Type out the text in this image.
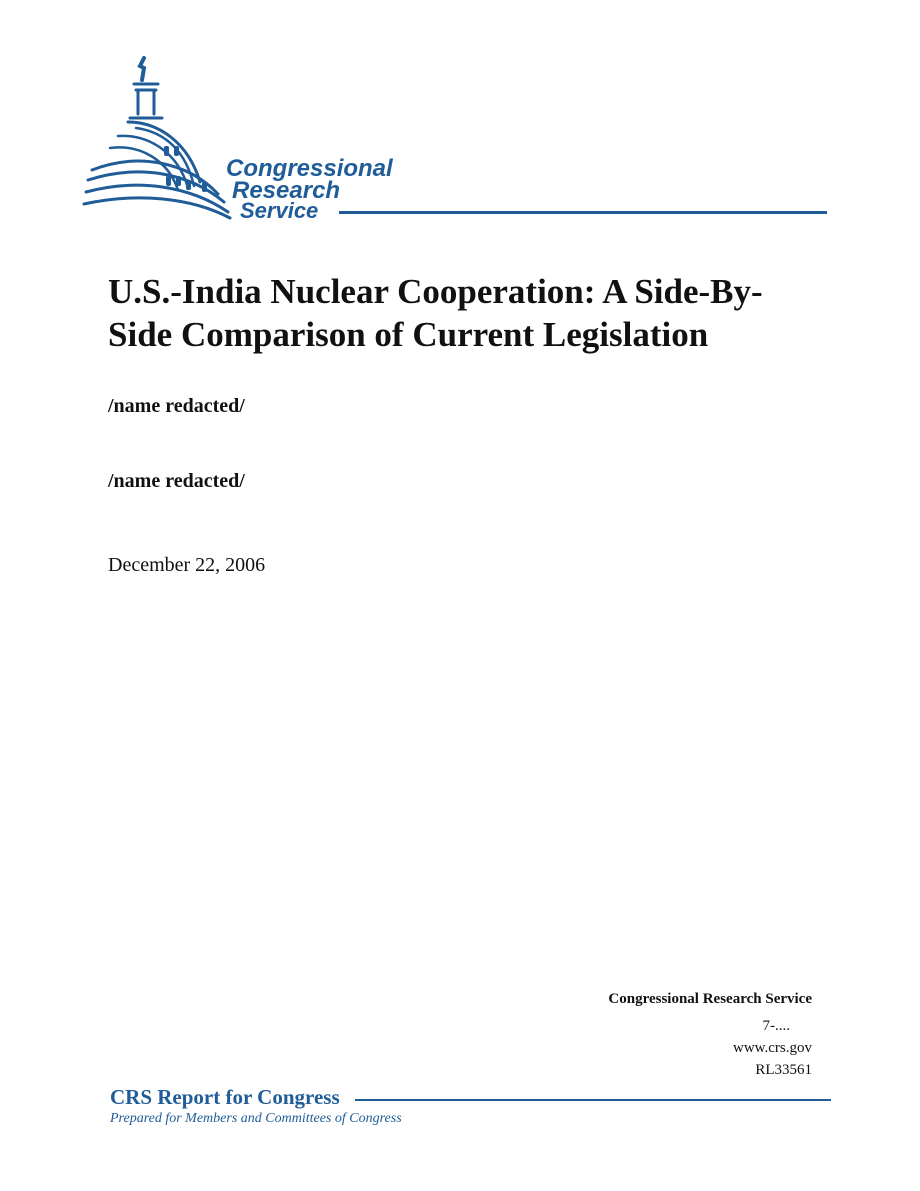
Congressional
Research
Service
U.S.-India Nuclear Cooperation: A Side-By-Side Comparison of Current Legislation
/name redacted/
/name redacted/
December 22, 2006
Congressional Research Service
7-....
www.crs.gov
RL33561
CRS Report for Congress
Prepared for Members and Committees of Congress
